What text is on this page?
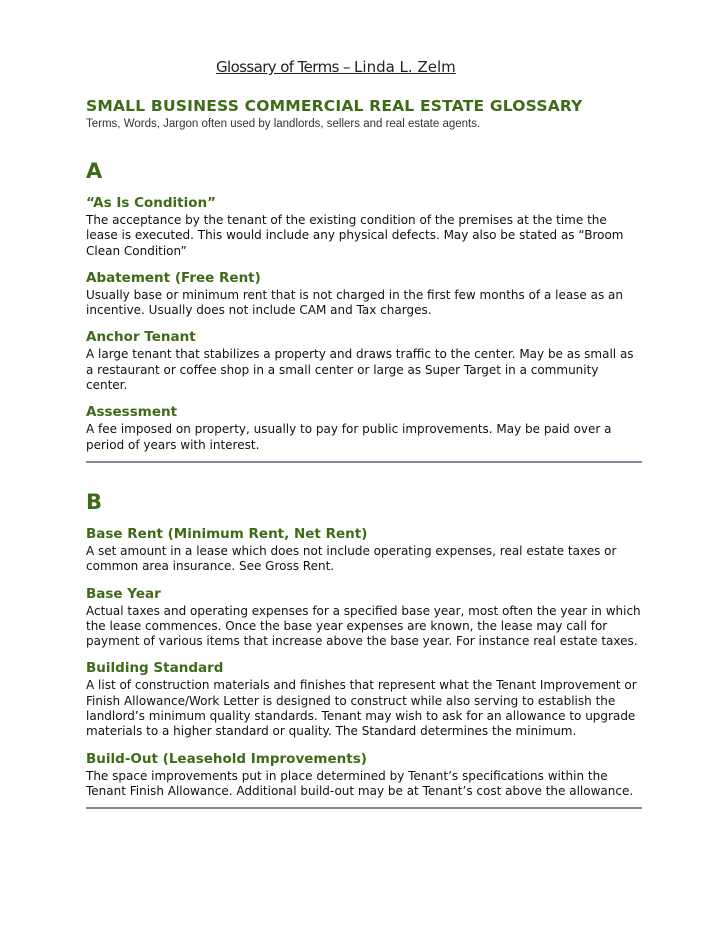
Glossary of Terms – Linda L. Zelm
SMALL BUSINESS COMMERCIAL REAL ESTATE GLOSSARY
Terms, Words, Jargon often used by landlords, sellers and real estate agents.
A
“As Is Condition”
The acceptance by the tenant of the existing condition of the premises at the time the lease is executed. This would include any physical defects. May also be stated as “Broom Clean Condition”
Abatement (Free Rent)
Usually base or minimum rent that is not charged in the first few months of a lease as an incentive. Usually does not include CAM and Tax charges.
Anchor Tenant
A large tenant that stabilizes a property and draws traffic to the center. May be as small as a restaurant or coffee shop in a small center or large as Super Target in a community center.
Assessment
A fee imposed on property, usually to pay for public improvements. May be paid over a period of years with interest.
B
Base Rent (Minimum Rent, Net Rent)
A set amount in a lease which does not include operating expenses, real estate taxes or common area insurance. See Gross Rent.
Base Year
Actual taxes and operating expenses for a specified base year, most often the year in which the lease commences. Once the base year expenses are known, the lease may call for payment of various items that increase above the base year. For instance real estate taxes.
Building Standard
A list of construction materials and finishes that represent what the Tenant Improvement or Finish Allowance/Work Letter is designed to construct while also serving to establish the landlord’s minimum quality standards. Tenant may wish to ask for an allowance to upgrade materials to a higher standard or quality. The Standard determines the minimum.
Build-Out (Leasehold Improvements)
The space improvements put in place determined by Tenant’s specifications within the Tenant Finish Allowance. Additional build-out may be at Tenant’s cost above the allowance.
